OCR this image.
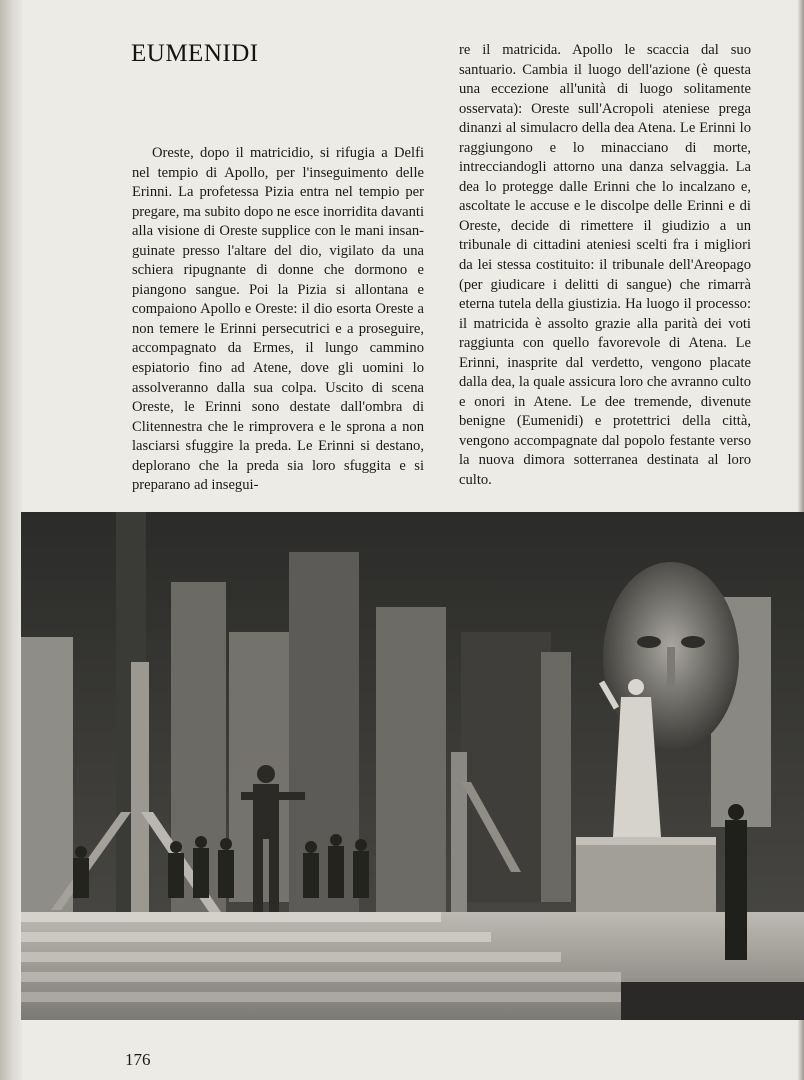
EUMENIDI

Oreste, dopo il matricidio, si rifugia a Delfi nel tempio di Apollo, per l'inseguimento delle Erinni. La profetessa Pizia entra nel tempio per pregare, ma subito dopo ne esce inorridita davanti alla visione di Oreste supplice con le mani insanguinate presso l'altare del dio, vigilato da una schiera ripugnante di donne che dormono e piangono sangue. Poi la Pizia si allontana e compaiono Apollo e Oreste: il dio esorta Oreste a non temere le Erinni persecutrici e a proseguire, accompagnato da Ermes, il lungo cammino espiatorio fino ad Atene, dove gli uomini lo assolveranno dalla sua colpa. Uscito di scena Oreste, le Erinni sono destate dall'ombra di Clitennestra che le rimprovera e le sprona a non lasciarsi sfuggire la preda. Le Erinni si destano, deplorano che la preda sia loro sfuggita e si preparano ad insegui-

re il matricida. Apollo le scaccia dal suo santuario. Cambia il luogo dell'azione (è questa una eccezione all'unità di luogo solitamente osservata): Oreste sull'Acropoli ateniese prega dinanzi al simulacro della dea Atena. Le Erinni lo raggiungono e lo minacciano di morte, intrecciandogli attorno una danza selvaggia. La dea lo protegge dalle Erinni che lo incalzano e, ascoltate le accuse e le discolpe delle Erinni e di Oreste, decide di rimettere il giudizio a un tribunale di cittadini ateniesi scelti fra i migliori da lei stessa costituito: il tribunale dell'Areopago (per giudicare i delitti di sangue) che rimarrà eterna tutela della giustizia. Ha luogo il processo: il matricida è assolto grazie alla parità dei voti raggiunta con quello favorevole di Atena. Le Erinni, inasprite dal verdetto, vengono placate dalla dea, la quale assicura loro che avranno culto e onori in Atene. Le dee tremende, divenute benigne (Eumenidi) e protettrici della città, vengono accompagnate dal popolo festante verso la nuova dimora sotterranea destinata al loro culto.

176
